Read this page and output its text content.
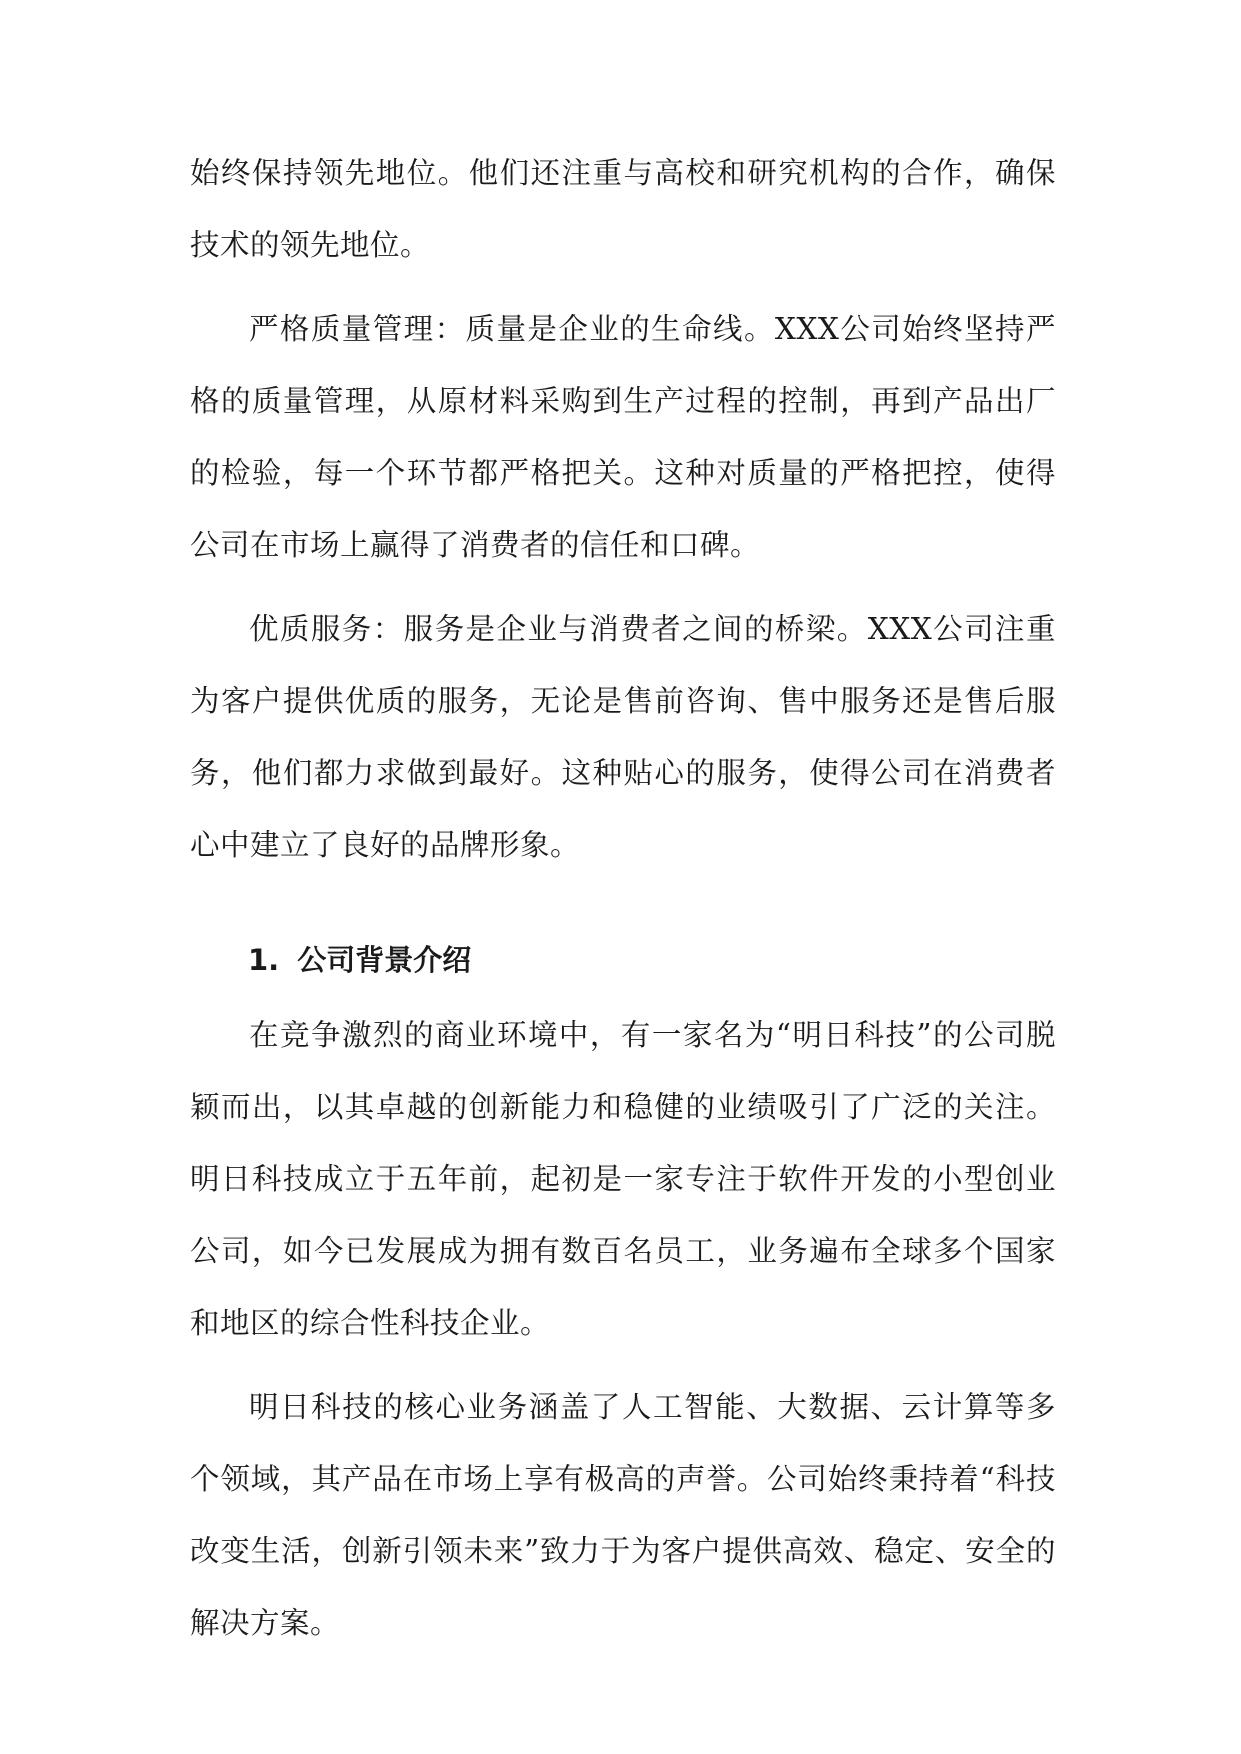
始终保持领先地位。他们还注重与高校和研究机构的合作，确保技术的领先地位。

严格质量管理：质量是企业的生命线。XXX公司始终坚持严格的质量管理，从原材料采购到生产过程的控制，再到产品出厂的检验，每一个环节都严格把关。这种对质量的严格把控，使得公司在市场上赢得了消费者的信任和口碑。

优质服务：服务是企业与消费者之间的桥梁。XXX公司注重为客户提供优质的服务，无论是售前咨询、售中服务还是售后服务，他们都力求做到最好。这种贴心的服务，使得公司在消费者心中建立了良好的品牌形象。

1. 公司背景介绍

在竞争激烈的商业环境中，有一家名为“明日科技”的公司脱颖而出，以其卓越的创新能力和稳健的业绩吸引了广泛的关注。明日科技成立于五年前，起初是一家专注于软件开发的小型创业公司，如今已发展成为拥有数百名员工，业务遍布全球多个国家和地区的综合性科技企业。

明日科技的核心业务涵盖了人工智能、大数据、云计算等多个领域，其产品在市场上享有极高的声誉。公司始终秉持着“科技改变生活，创新引领未来”致力于为客户提供高效、稳定、安全的解决方案。
